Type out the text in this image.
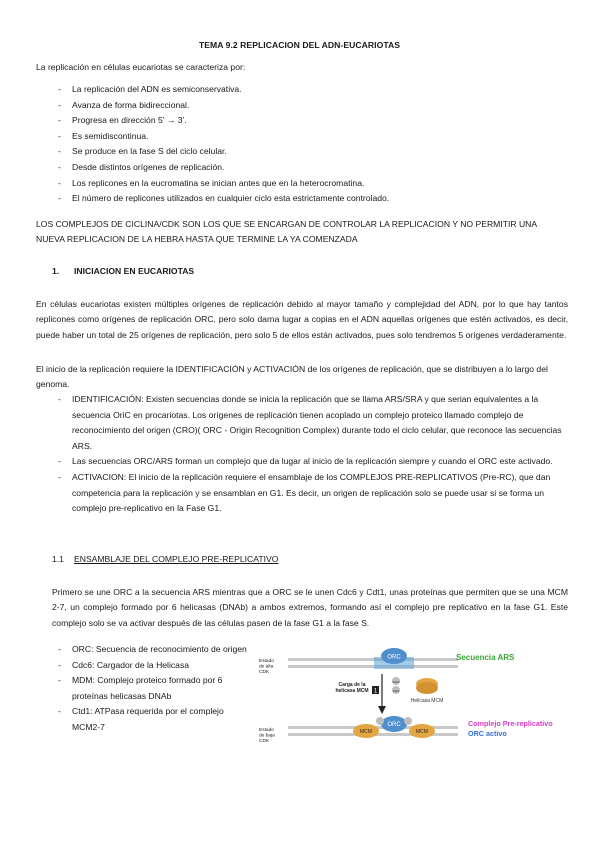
TEMA 9.2 REPLICACION DEL ADN-EUCARIOTAS

La replicación en células eucariotas se caracteriza por:

- La replicación del ADN es semiconservativa.
- Avanza de forma bidireccional.
- Progresa en dirección 5’ → 3’.
- Es semidiscontinua.
- Se produce en la fase S del ciclo celular.
- Desde distintos orígenes de replicación.
- Los replicones en la eucromatina se inician antes que en la heterocromatina.
- El número de replicones utilizados en cualquier ciclo esta estrictamente controlado.

LOS COMPLEJOS DE CICLINA/CDK SON LOS QUE SE ENCARGAN DE CONTROLAR LA REPLICACION Y NO PERMITIR UNA NUEVA REPLICACION DE LA HEBRA HASTA QUE TERMINE LA YA COMENZADA

1. INICIACION EN EUCARIOTAS

En células eucariotas existen múltiples orígenes de replicación debido al mayor tamaño y complejidad del ADN, por lo que hay tantos replicones como orígenes de replicación ORC, pero solo darna lugar a copias en el ADN aquellas orígenes que estén activados, es decir, puede haber un total de 25 orígenes de replicación, pero solo 5 de ellos están activados, pues solo tendremos 5 orígenes verdaderamente.

El inicio de la replicación requiere la IDENTIFICACIÓN y ACTIVACIÓN de los orígenes de replicación, que se distribuyen a lo largo del genoma.

- IDENTIFICACIÓN: Existen secuencias donde se inicia la replicación que se llama ARS/SRA y que serian equivalentes a la secuencia OriC en procariotas. Los orígenes de replicación tienen acoplado un complejo proteico llamado complejo de reconocimiento del origen (CRO)( ORC - Origin Recognition Complex) durante todo el ciclo celular, que reconoce las secuencias ARS.
- Las secuencias ORC/ARS forman un complejo que da lugar al inicio de la replicación siempre y cuando el ORC este activado.
- ACTIVACION: El inicio de la replicación requiere el ensamblaje de los COMPLEJOS PRE-REPLICATIVOS (Pre-RC), que dan competencia para la replicación y se ensamblan en G1. Es decir, un origen de replicación solo se puede usar si se forma un complejo pre-replicativo en la Fase G1.
1.1 ENSAMBLAJE DEL COMPLEJO PRE-REPLICATIVO

Primero se une ORC a la secuencia ARS mientras que a ORC se le unen Cdc6 y Cdt1, unas proteínas que permiten que se una MCM 2-7, un complejo formado por 6 helicasas (DNAb) a ambos extremos, formando así el complejo pre replicativo en la fase G1. Este complejo solo se va activar después de las células pasen de la fase G1 a la fase S.

- ORC: Secuencia de reconocimiento de origen
- Cdc6: Cargador de la Helicasa
- MDM: Complejo proteico formado por 6 proteínas helicasas DNAb
- Ctd1: ATPasa requerida por el complejo MCM2-7
ORC
Helicasa MCM
Cdc6
Cdt1
1
Carga de la
helicasa MCM
Estado
de alta
CDK
Estado
de baja
CDK
MCM	MCM
ORC
Secuencia ARS
Complejo Pre-replicativo
ORC activo
